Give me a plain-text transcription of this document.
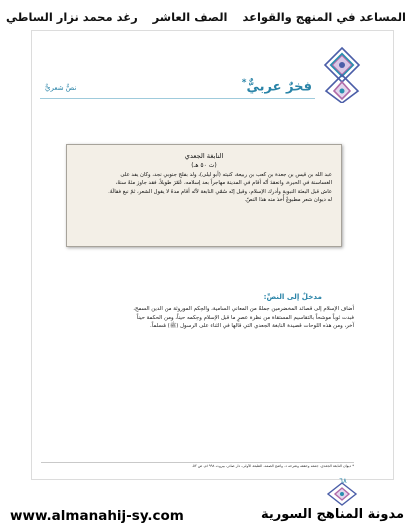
المساعد في المنهج والقواعد
الصف العاشر
رغد محمد نزار الساطي
فخرٌ عربيٌّ*
نصٌّ شعريٌّ
النابغة الجعدي
(ت ٥٠ هـ)
عبد الله بن قيس بن جعدة بن كعب بن ربيعة، كنيته (أبو ليلى)، ولد بفلج جنوبي نجد، وكان يفد على
الغساسنة في الحيرة، وانعقدَ أنّه أقام في المدينة مهاجراً بعد إسلامه، عُمّرَ طويلاً، فقد جاوز مئةً سنةً،
عاش قبل البعثة النبوية وأدرك الإسلام، وقيل إنّه سُمّي النابغة لأنّه أقام مدةً لا يقول الشعر، ثمّ نبغ فقالَهُ.
له ديوان شعر مطبوعٌ أُخذ منه هذا النصّ.
مدخلٌ إلى النصِّ:
أضاف الإسلام إلى قصائد المخضرمين جملةً من المعاني السامية، والحِكم الموروثة من الدين السمح،
فبدت ثوباً موشحاً بالتقاسيم المستقاة من نظرة عصرٍ ما قبل الإسلام وحِكمه حيناً، ومن الحكمة حيناً
آخر، ومن هذه اللوحات قصيدة النابغة الجعدي التي قالها في الثناء على الرسول (ﷺ) مُسلماً.
* ديوان النابغة الجعدي، جمعه وحققه وشرحه د. واضح الصمد، الطبعة الأولى، دار صادر، بيروت ١٩٩٨م، ص ٥٢.
٦٨
www.almanahij-sy.com	مدونة المناهج السورية
